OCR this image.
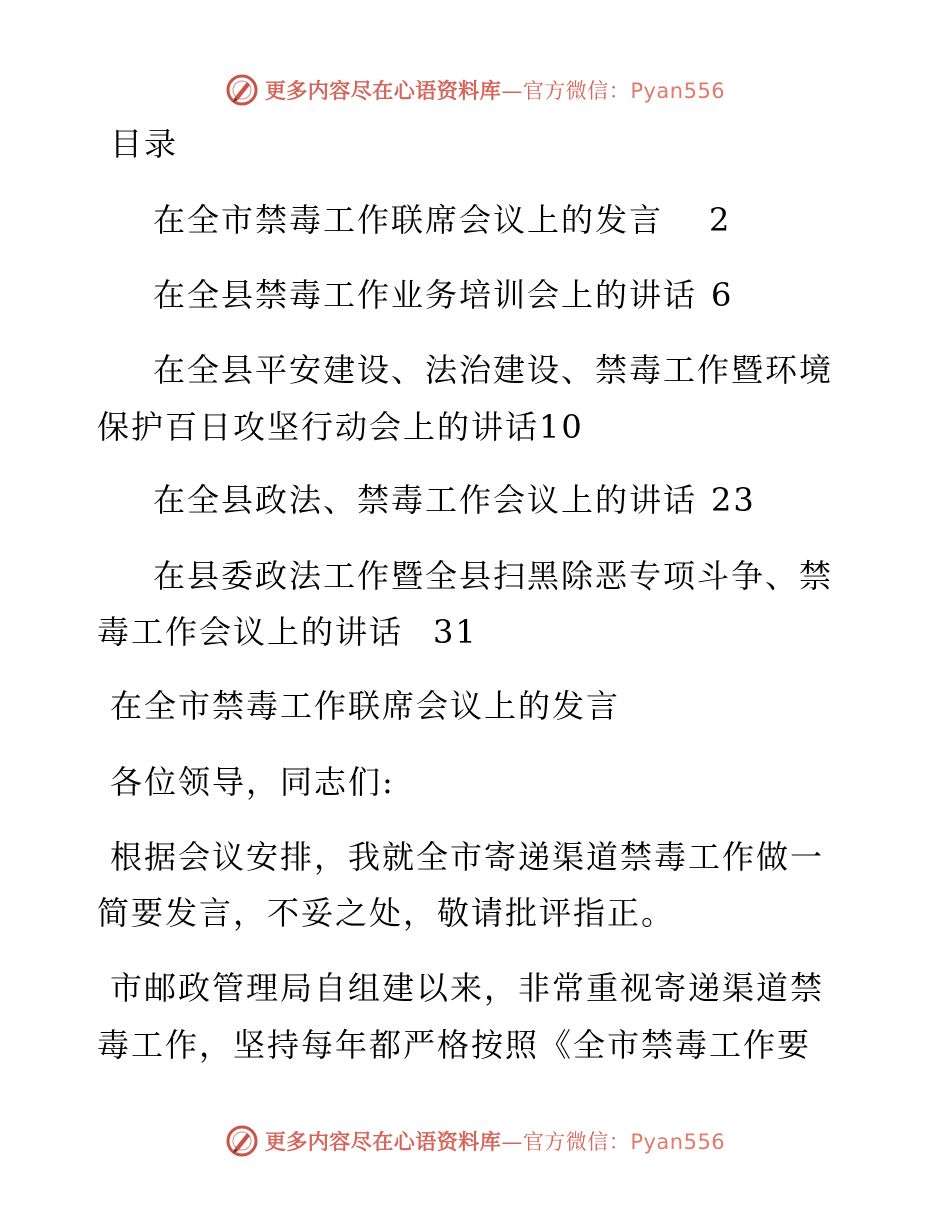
更多内容尽在心语资料库—官方微信：Pyan556
目录
在全市禁毒工作联席会议上的发言 2
在全县禁毒工作业务培训会上的讲话 6
在全县平安建设、法治建设、禁毒工作暨环境
保护百日攻坚行动会上的讲话10
在全县政法、禁毒工作会议上的讲话 23
在县委政法工作暨全县扫黑除恶专项斗争、禁
毒工作会议上的讲话 31
在全市禁毒工作联席会议上的发言
各位领导，同志们:
根据会议安排，我就全市寄递渠道禁毒工作做一
简要发言，不妥之处，敬请批评指正。
市邮政管理局自组建以来，非常重视寄递渠道禁
毒工作，坚持每年都严格按照《全市禁毒工作要
更多内容尽在心语资料库—官方微信：Pyan556
